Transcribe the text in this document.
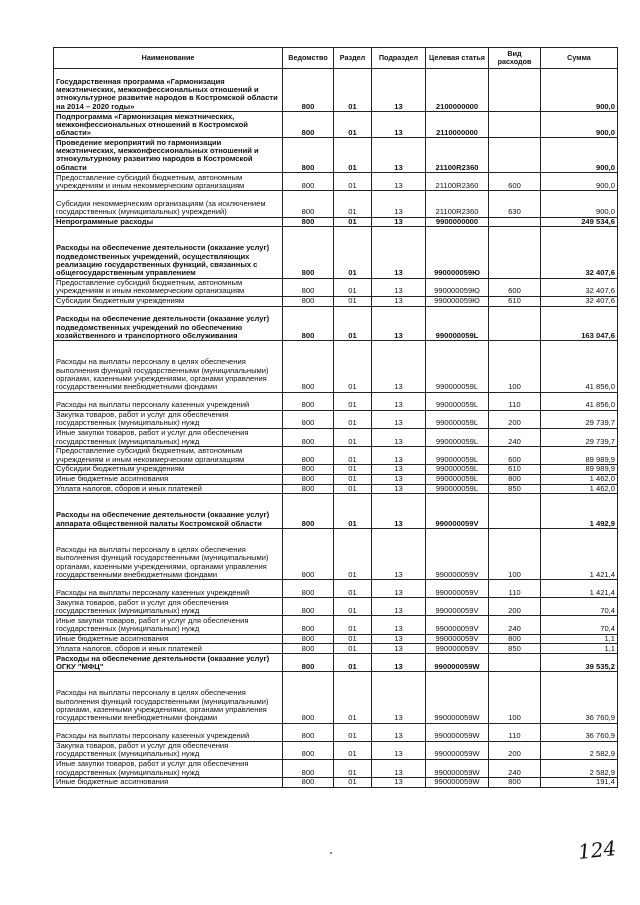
Наименование	Ведомство	Раздел	Подраздел	Целевая статья	Вид расходов	Сумма
Государственная программа «Гармонизация межэтнических, межконфессиональных отношений и этнокультурное развитие народов в Костромской области на 2014 – 2020 годы»	800	01	13	2100000000		900,0
Подпрограмма «Гармонизация межэтнических, межконфессиональных отношений в Костромской области»	800	01	13	2110000000		900,0
Проведение мероприятий по гармонизации межэтнических, межконфессиональных отношений и этнокультурному развитию народов в Костромской области	800	01	13	21100R2360		900,0
Предоставление субсидий бюджетным, автономным учреждениям и иным некоммерческим организациям	800	01	13	21100R2360	600	900,0
Субсидии некоммерческим организациям (за исключением государственных (муниципальных) учреждений)	800	01	13	21100R2360	630	900,0
Непрограммные расходы	800	01	13	9900000000		249 534,6
Расходы на обеспечение деятельности (оказание услуг) подведомственных учреждений, осуществляющих реализацию государственных функций, связанных с общегосударственным управлением	800	01	13	990000059Ю		32 407,6
Предоставление субсидий бюджетным, автономным учреждениям и иным некоммерческим организациям	800	01	13	990000059Ю	600	32 407,6
Субсидии бюджетным учреждениям	800	01	13	990000059Ю	610	32 407,6
Расходы на обеспечение деятельности (оказание услуг) подведомственных учреждений по обеспечению хозяйственного и транспортного обслуживания	800	01	13	990000059L		163 047,6
Расходы на выплаты персоналу в целях обеспечения выполнения функций государственными (муниципальными) органами, казенными учреждениями, органами управления государственными внебюджетными фондами	800	01	13	990000059L	100	41 856,0
Расходы на выплаты персоналу казенных учреждений	800	01	13	990000059L	110	41 856,0
Закупка товаров, работ и услуг для обеспечения государственных (муниципальных) нужд	800	01	13	990000059L	200	29 739,7
Иные закупки товаров, работ и услуг для обеспечения государственных (муниципальных) нужд	800	01	13	990000059L	240	29 739,7
Предоставление субсидий бюджетным, автономным учреждениям и иным некоммерческим организациям	800	01	13	990000059L	600	89 989,9
Субсидии бюджетным учреждениям	800	01	13	990000059L	610	89 989,9
Иные бюджетные ассигнования	800	01	13	990000059L	800	1 462,0
Уплата налогов, сборов и иных платежей	800	01	13	990000059L	850	1 462,0
Расходы на обеспечение деятельности (оказание услуг) аппарата общественной палаты Костромской области	800	01	13	990000059V		1 492,9
Расходы на выплаты персоналу в целях обеспечения выполнения функций государственными (муниципальными) органами, казенными учреждениями, органами управления государственными внебюджетными фондами	800	01	13	990000059V	100	1 421,4
Расходы на выплаты персоналу казенных учреждений	800	01	13	990000059V	110	1 421,4
Закупка товаров, работ и услуг для обеспечения государственных (муниципальных) нужд	800	01	13	990000059V	200	70,4
Иные закупки товаров, работ и услуг для обеспечения государственных (муниципальных) нужд	800	01	13	990000059V	240	70,4
Иные бюджетные ассигнования	800	01	13	990000059V	800	1,1
Уплата налогов, сборов и иных платежей	800	01	13	990000059V	850	1,1
Расходы на обеспечение деятельности (оказание услуг) ОГКУ "МФЦ"	800	01	13	990000059W		39 535,2
Расходы на выплаты персоналу в целях обеспечения выполнения функций государственными (муниципальными) органами, казенными учреждениями, органами управления государственными внебюджетными фондами	800	01	13	990000059W	100	36 760,9
Расходы на выплаты персоналу казенных учреждений	800	01	13	990000059W	110	36 760,9
Закупка товаров, работ и услуг для обеспечения государственных (муниципальных) нужд	800	01	13	990000059W	200	2 582,9
Иные закупки товаров, работ и услуг для обеспечения государственных (муниципальных) нужд	800	01	13	990000059W	240	2 582,9
Иные бюджетные ассигнования	800	01	13	990000059W	800	191,4
124
